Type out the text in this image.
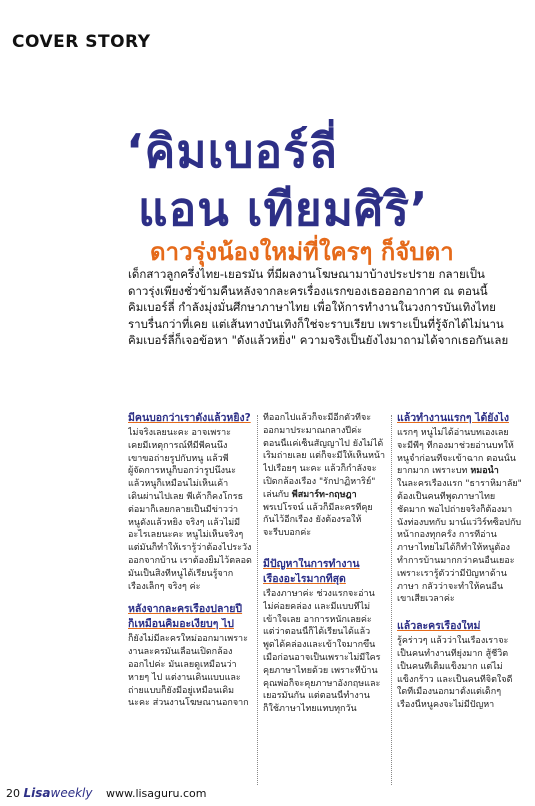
COVER STORY
‘คิมเบอร์ลี่
แอน เทียมศิริ’
ดาวรุ่งน้องใหม่ที่ใครๆ ก็จับตา

เด็กสาวลูกครึ่งไทย-เยอรมัน ที่มีผลงานโฆษณามาบ้างประปราย กลายเป็น

ดาวรุ่งเพียงชั่วข้ามคืนหลังจากละครเรื่องแรกของเธอออกอากาศ ณ ตอนนี้

คิมเบอร์ลี่ กำลังมุ่งมั่นศึกษาภาษาไทย เพื่อให้การทำงานในวงการบันเทิงไทย

ราบรื่นกว่าที่เคย แต่เส้นทางบันเทิงก็ใช่จะราบเรียบ เพราะเป็นที่รู้จักได้ไม่นาน

คิมเบอร์ลี่ก็เจอข้อหา "ดังแล้วหยิ่ง" ความจริงเป็นยังไงมาถามได้จากเธอกันเลย

มีคนบอกว่าเราดังแล้วหยิ่ง?

ไม่จริงเลยนะคะ อาจเพราะ

เคยมีเหตุการณ์ที่มีพี่คนนึง

เขาขอถ่ายรูปกับหนู แล้วพี่

ผู้จัดการหนูก็บอกว่ารูปนึงนะ

แล้วหนูก็เหมือนไม่เห็นเค้า

เดินผ่านไปเลย พี่เค้าก็คงโกรธ

ต่อมาก็เลยกลายเป็นมีข่าวว่า

หนูดังแล้วหยิ่ง จริงๆ แล้วไม่มี

อะไรเลยนะคะ หนูไม่เห็นจริงๆ

แต่มันก็ทำให้เรารู้ว่าต้องไประวัง

ออกจากบ้าน เราต้องยิ้มไว้ตลอด

มันเป็นสิ่งที่หนูได้เรียนรู้จาก

เรื่องเล็กๆ จริงๆ ค่ะ

หลังจากละครเรื่องปลายปี

ก็เหมือนคิมอะเงียบๆ ไป

ก็ยังไม่มีละครใหม่ออกมาเพราะ

งานละครมันเลื่อนเปิดกล้อง

ออกไปค่ะ มันเลยดูเหมือนว่า

หายๆ ไป แต่งานเดินแบบและ

ถ่ายแบบก็ยังมีอยู่เหมือนเดิม

นะคะ ส่วนงานโฆษณานอกจาก

ที่ออกไปแล้วก็จะมีอีกตัวที่จะ

ออกมาประมาณกลางปีค่ะ

ตอนนี้แค่เซ็นสัญญาไป ยังไม่ได้

เริ่มถ่ายเลย แต่ก็จะมีให้เห็นหน้า

ไปเรื่อยๆ นะคะ แล้วก็กำลังจะ

เปิดกล้องเรื่อง "รักปาฏิหาริย์"

เล่นกับ พี่สมาร์ท-กฤษฎา

พรเปโรจน์ แล้วก็มีละครที่คุย

กันไว้อีกเรื่อง ยังต้องรอให้

จะรีบบอกค่ะ

มีปัญหาในการทำงาน

เรื่องอะไรมากที่สุด

เรื่องภาษาค่ะ ช่วงแรกจะอ่าน

ไม่ค่อยคล่อง และมีแบบที่ไม่

เข้าใจเลย อาการหนักเลยค่ะ

แต่ว่าตอนนี้ก็ได้เรียนได้แล้ว

พูดได้คล่องและเข้าใจมากขึ้น

เมื่อก่อนอาจเป็นเพราะไม่มีใคร

คุยภาษาไทยด้วย เพราะที่บ้าน

คุณพ่อก็จะคุยภาษาอังกฤษและ

เยอรมันกัน แต่ตอนนี้ทำงาน

ก็ใช้ภาษาไทยแทบทุกวัน

แล้วทำงานแรกๆ ได้ยังไง

แรกๆ หนูไม่ได้อ่านบทเองเลย

จะมีพี่ๆ ที่กองมาช่วยอ่านบทให้

หนูจำก่อนที่จะเข้าฉาก ตอนนั้น

ยากมาก เพราะบท หมอน้ำ

ในละครเรื่องแรก "ธาราหิมาลัย"

ต้องเป็นคนที่พูดภาษาไทย

ชัดมาก พอไปถ่ายจริงก็ต้องมา

นั่งท่องบทกับ มาน์แว่วิร์ทซ็อปกับ

หน้ากองทุกครั้ง การที่อ่าน

ภาษาไทยไม่ได้ก็ทำให้หนูต้อง

ทำการบ้านมากกว่าคนอื่นเยอะ

เพราะเรารู้ตัวว่ามีปัญหาด้าน

ภาษา กลัวว่าจะทำให้คนอื่น

เขาเสียเวลาค่ะ

แล้วละครเรื่องใหม่

รู้คร่าวๆ แล้วว่าในเรื่องเราจะ

เป็นคนทำงานที่ยุ่งมาก สู้ชีวิต

เป็นคนที่เต็มแข็งมาก แต่ไม่

แข็งกร้าว และเป็นคนที่จิตใจดี

ใดที่เมืองนอกมาตั้งแต่เด็กๆ

เรื่องนี้หนูคงจะไม่มีปัญหา

20 Lisaweekly www.lisaguru.com
